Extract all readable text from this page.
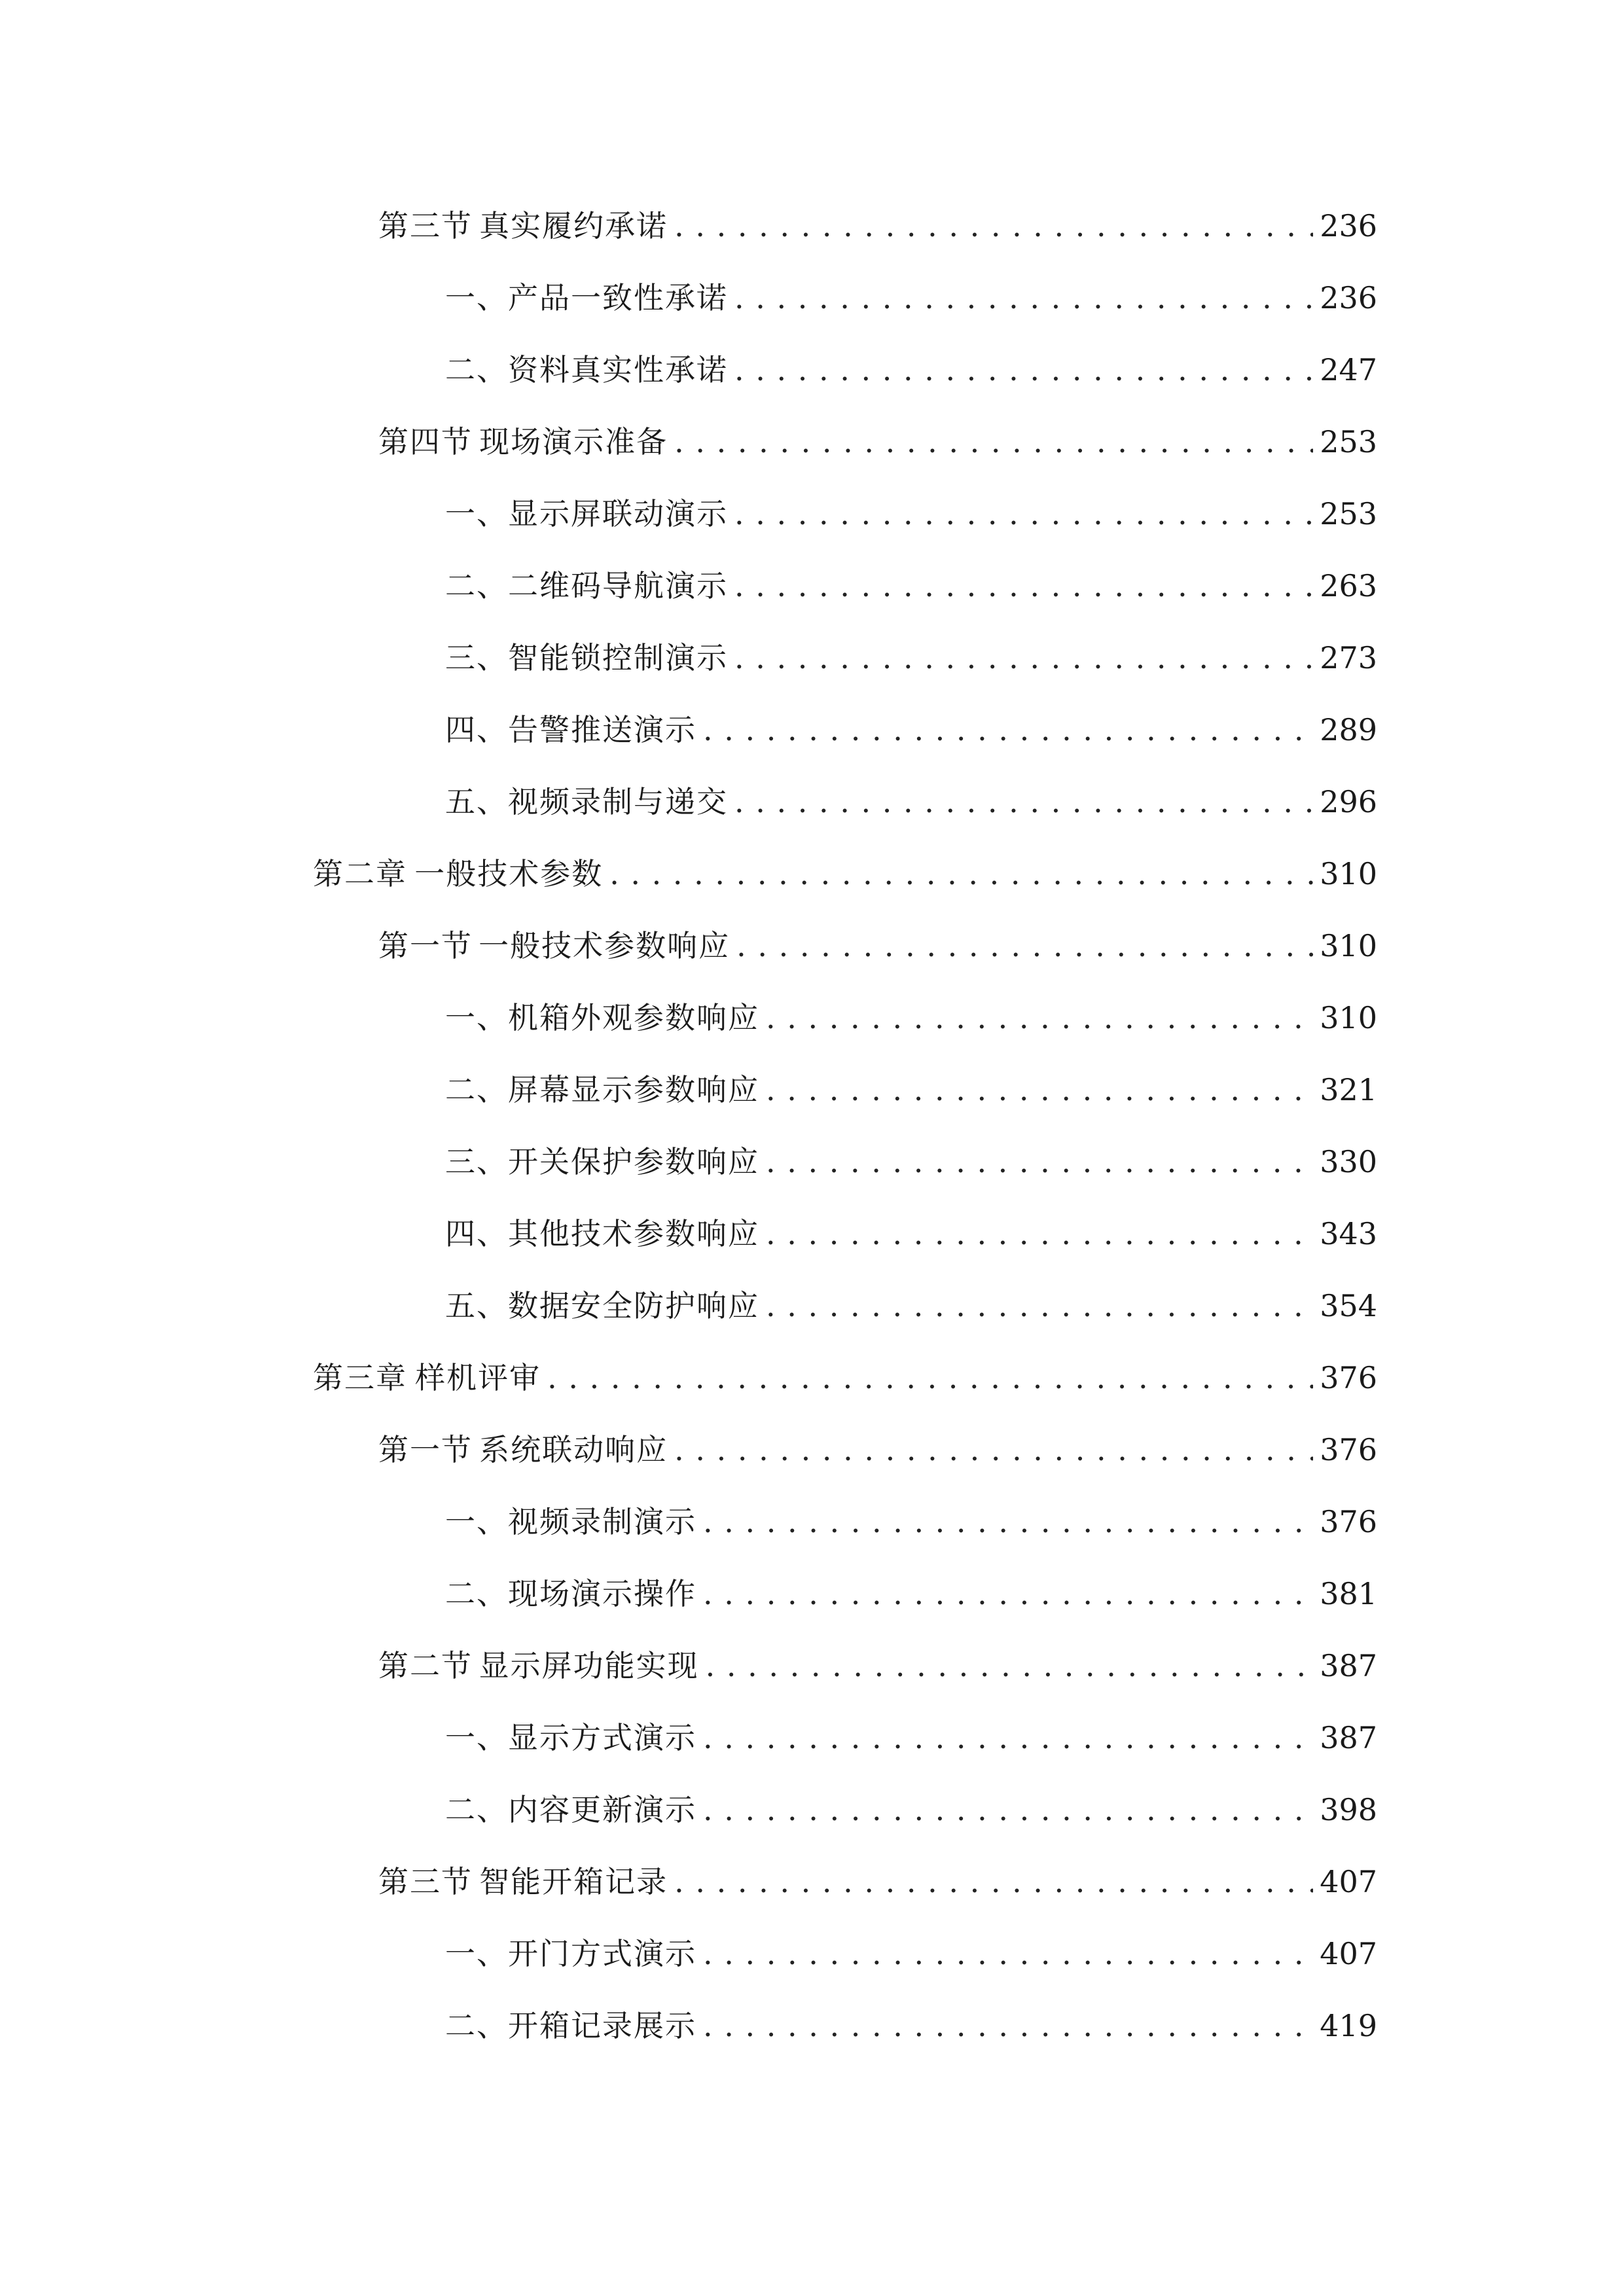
第三节 真实履约承诺 . . .	236
一、 产品一致性承诺 . . .	236
二、 资料真实性承诺 . . .	247
第四节 现场演示准备 . . .	253
一、 显示屏联动演示 . . .	253
二、 二维码导航演示 . . .	263
三、 智能锁控制演示 . . .	273
四、 告警推送演示 . . .	289
五、 视频录制与递交 . . .	296
第二章 一般技术参数 . . .	310
第一节 一般技术参数响应 . . .	310
一、 机箱外观参数响应 . . .	310
二、 屏幕显示参数响应 . . .	321
三、 开关保护参数响应 . . .	330
四、 其他技术参数响应 . . .	343
五、 数据安全防护响应 . . .	354
第三章 样机评审 . . .	376
第一节 系统联动响应 . . .	376
一、 视频录制演示 . . .	376
二、 现场演示操作 . . .	381
第二节 显示屏功能实现 . . .	387
一、 显示方式演示 . . .	387
二、 内容更新演示 . . .	398
第三节 智能开箱记录 . . .	407
一、 开门方式演示 . . .	407
二、 开箱记录展示 . . .	419
